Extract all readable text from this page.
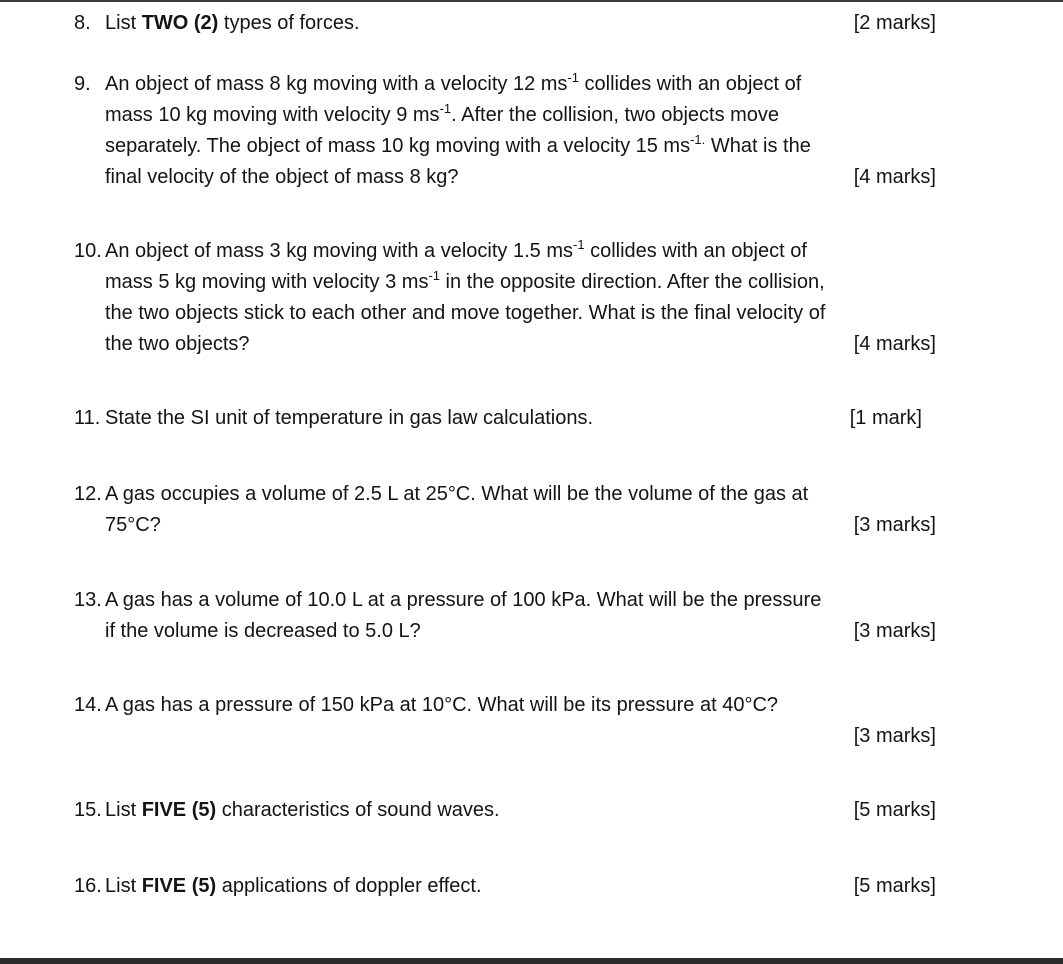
8. List TWO (2) types of forces.	[2 marks]
9. An object of mass 8 kg moving with a velocity 12 $ms^{-1}$ collides with an object of
mass 10 kg moving with velocity 9 $ms^{-1}$. After the collision, two objects move
separately. The object of mass 10 kg moving with a velocity 15 $ms^{-1.}$ What is the
final velocity of the object of mass 8 kg?	[4 marks]
10. An object of mass 3 kg moving with a velocity 1.5 $ms^{-1}$ collides with an object of
mass 5 kg moving with velocity 3 $ms^{-1}$ in the opposite direction. After the collision,
the two objects stick to each other and move together. What is the final velocity of
the two objects?	[4 marks]
11. State the SI unit of temperature in gas law calculations.	[1 mark]
12. A gas occupies a volume of 2.5 L at 25°C. What will be the volume of the gas at
75°C?	[3 marks]
13. A gas has a volume of 10.0 L at a pressure of 100 kPa. What will be the pressure
if the volume is decreased to 5.0 L?	[3 marks]
14. A gas has a pressure of 150 kPa at 10°C. What will be its pressure at 40°C?
[3 marks]
15. List FIVE (5) characteristics of sound waves.	[5 marks]
16. List FIVE (5) applications of doppler effect.	[5 marks]
